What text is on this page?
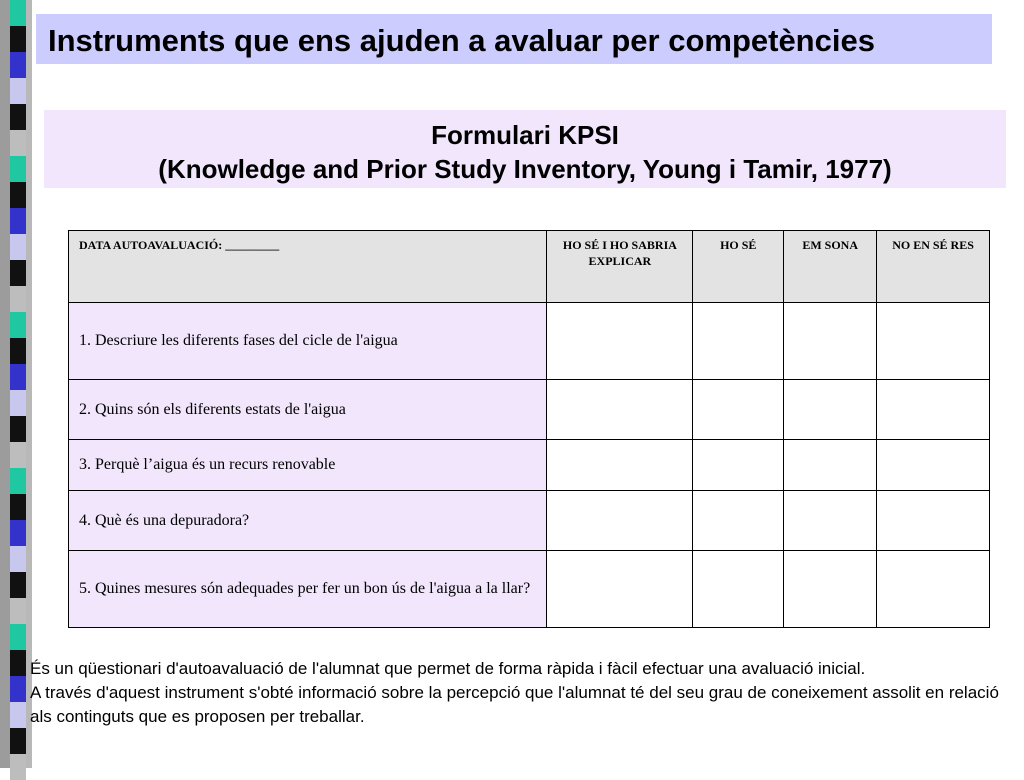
Instruments que ens ajuden a avaluar per competències
Formulari KPSI
(Knowledge and Prior Study Inventory, Young i Tamir, 1977)
DATA AUTOAVALUACIÓ: _________	HO SÉ I HO SABRIA EXPLICAR	HO SÉ	EM SONA	NO EN SÉ RES
1. Descriure les diferents fases del cicle de l'aigua				
2. Quins són els diferents estats de l'aigua				
3. Perquè l’aigua és un recurs renovable				
4. Què és una depuradora?				
5. Quines mesures són adequades per fer un bon ús de l'aigua a la llar?				

És un qüestionari d'autoavaluació de l'alumnat que permet de forma ràpida i fàcil efectuar una avaluació inicial.

A través d'aquest instrument s'obté informació sobre la percepció que l'alumnat té del seu grau de coneixement assolit en relació als continguts que es proposen per treballar.
